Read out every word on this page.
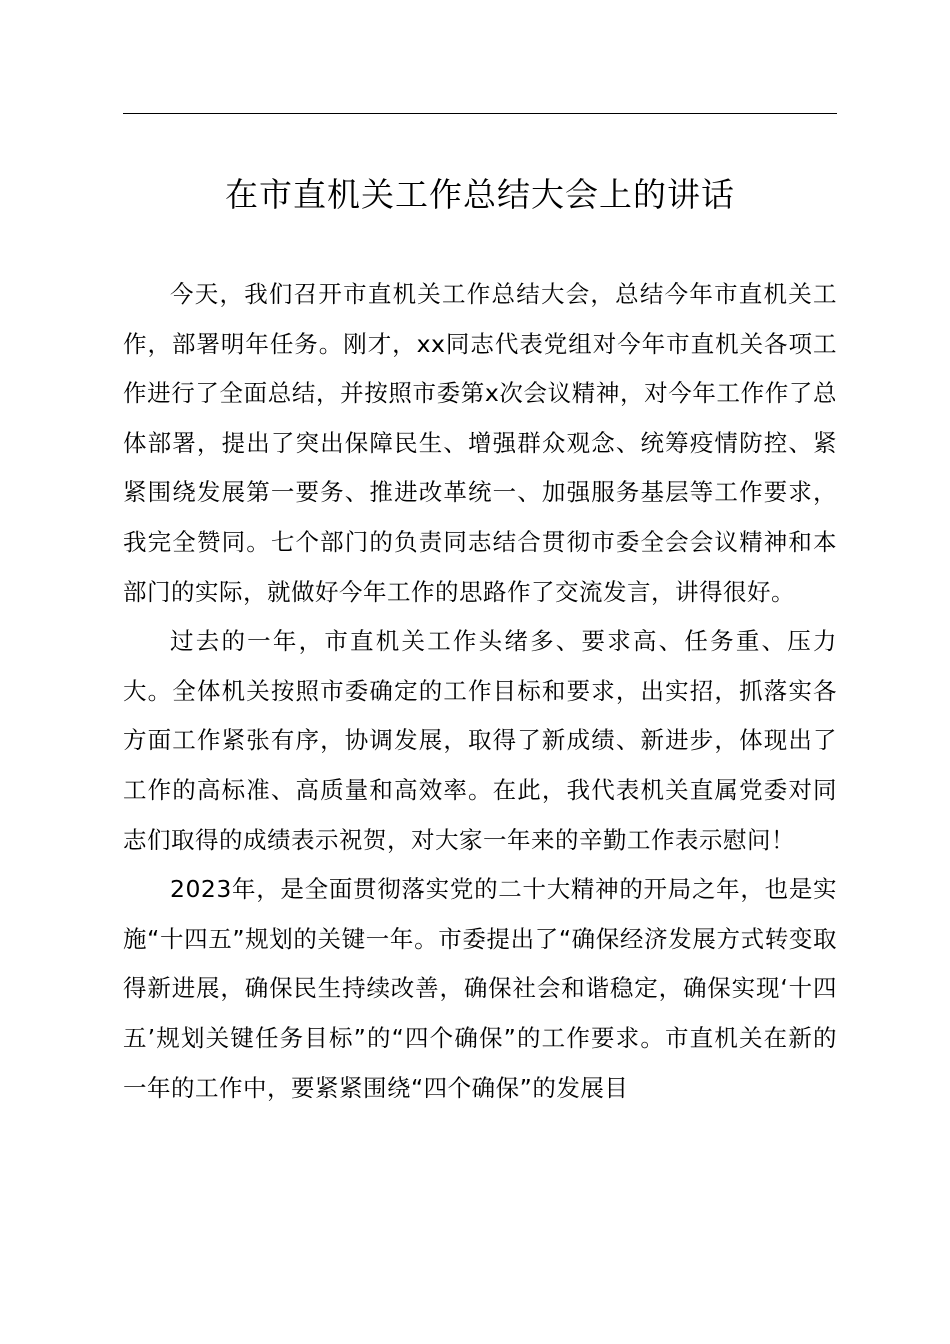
在市直机关工作总结大会上的讲话

今天，我们召开市直机关工作总结大会，总结今年市直机关工作，部署明年任务。刚才，xx同志代表党组对今年市直机关各项工作进行了全面总结，并按照市委第x次会议精神，对今年工作作了总体部署，提出了突出保障民生、增强群众观念、统筹疫情防控、紧紧围绕发展第一要务、推进改革统一、加强服务基层等工作要求，我完全赞同。七个部门的负责同志结合贯彻市委全会会议精神和本部门的实际，就做好今年工作的思路作了交流发言，讲得很好。

过去的一年，市直机关工作头绪多、要求高、任务重、压力大。全体机关按照市委确定的工作目标和要求，出实招，抓落实各方面工作紧张有序，协调发展，取得了新成绩、新进步，体现出了工作的高标准、高质量和高效率。在此，我代表机关直属党委对同志们取得的成绩表示祝贺，对大家一年来的辛勤工作表示慰问！

2023年，是全面贯彻落实党的二十大精神的开局之年，也是实施“十四五”规划的关键一年。市委提出了“确保经济发展方式转变取得新进展，确保民生持续改善，确保社会和谐稳定，确保实现‘十四五’规划关键任务目标”的“四个确保”的工作要求。市直机关在新的一年的工作中，要紧紧围绕“四个确保”的发展目
